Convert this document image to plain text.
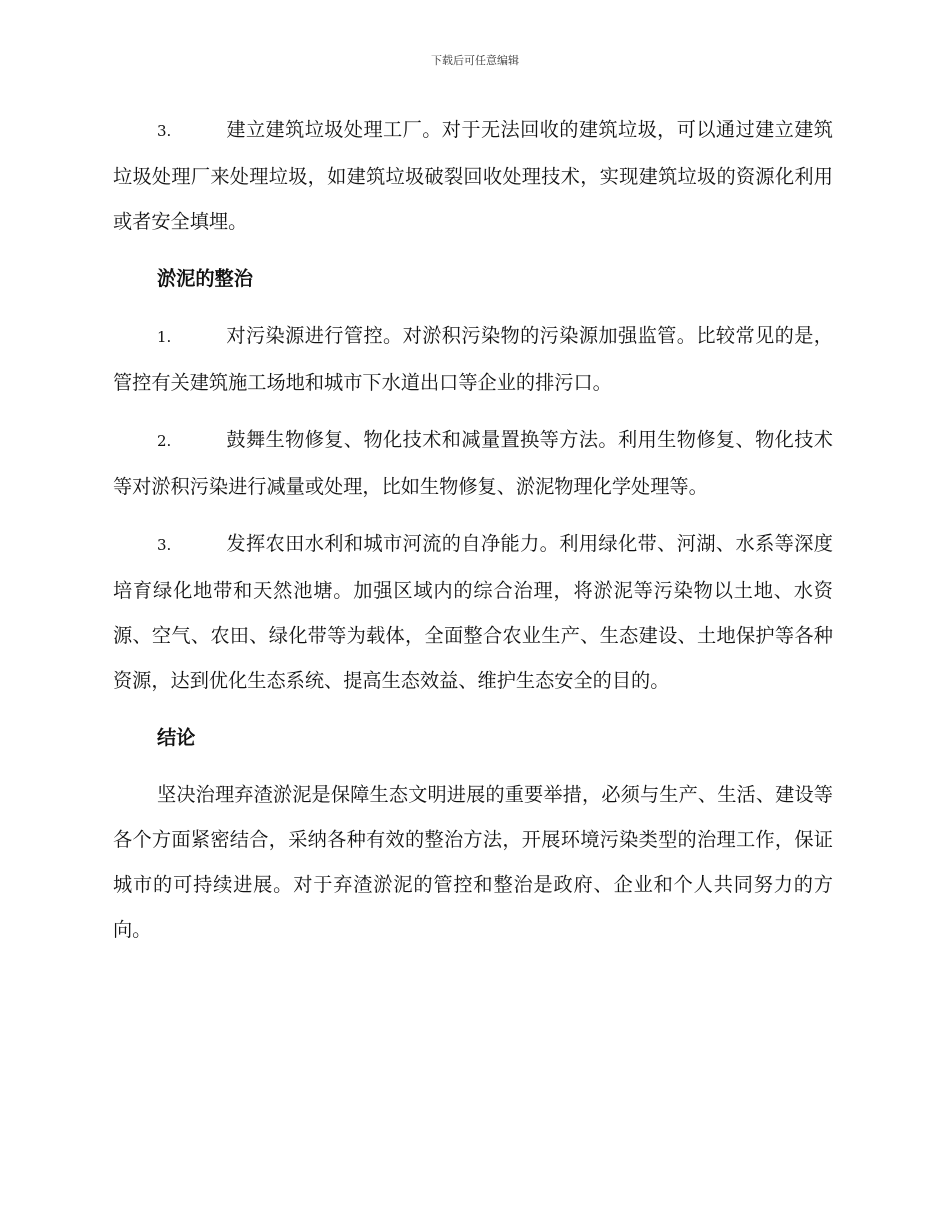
下载后可任意编辑

3.	建立建筑垃圾处理工厂。对于无法回收的建筑垃圾，可以通过建立建筑垃圾处理厂来处理垃圾，如建筑垃圾破裂回收处理技术，实现建筑垃圾的资源化利用或者安全填埋。

淤泥的整治

1.	对污染源进行管控。对淤积污染物的污染源加强监管。比较常见的是，管控有关建筑施工场地和城市下水道出口等企业的排污口。

2.	鼓舞生物修复、物化技术和减量置换等方法。利用生物修复、物化技术等对淤积污染进行减量或处理，比如生物修复、淤泥物理化学处理等。

3.	发挥农田水利和城市河流的自净能力。利用绿化带、河湖、水系等深度培育绿化地带和天然池塘。加强区域内的综合治理，将淤泥等污染物以土地、水资源、空气、农田、绿化带等为载体，全面整合农业生产、生态建设、土地保护等各种资源，达到优化生态系统、提高生态效益、维护生态安全的目的。

结论

坚决治理弃渣淤泥是保障生态文明进展的重要举措，必须与生产、生活、建设等各个方面紧密结合，采纳各种有效的整治方法，开展环境污染类型的治理工作，保证城市的可持续进展。对于弃渣淤泥的管控和整治是政府、企业和个人共同努力的方向。
